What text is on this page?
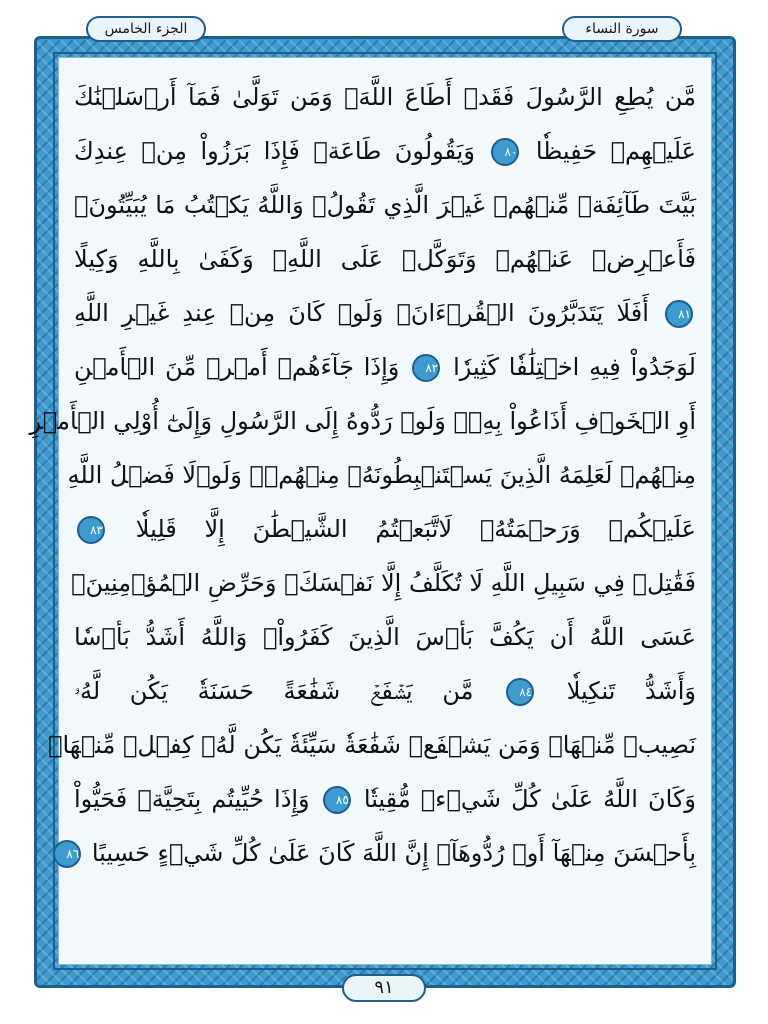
الجزء الخامس	سورة النساء
مَّن يُطِعِ الرَّسُولَ فَقَدۡ أَطَاعَ اللَّهَۖ وَمَن تَوَلَّىٰ فَمَآ أَرۡسَلۡنَٰكَ
عَلَيۡهِمۡ حَفِيظٗا ٨٠ وَيَقُولُونَ طَاعَةٞ فَإِذَا بَرَزُواْ مِنۡ عِندِكَ
بَيَّتَ طَآئِفَةٞ مِّنۡهُمۡ غَيۡرَ الَّذِي تَقُولُۖ وَاللَّهُ يَكۡتُبُ مَا يُبَيِّتُونَۖ
فَأَعۡرِضۡ عَنۡهُمۡ وَتَوَكَّلۡ عَلَى اللَّهِۚ وَكَفَىٰ بِاللَّهِ وَكِيلًا
٨١ أَفَلَا يَتَدَبَّرُونَ الۡقُرۡءَانَۚ وَلَوۡ كَانَ مِنۡ عِندِ غَيۡرِ اللَّهِ
لَوَجَدُواْ فِيهِ اخۡتِلَٰفٗا كَثِيرٗا ٨٢ وَإِذَا جَآءَهُمۡ أَمۡرٞ مِّنَ الۡأَمۡنِ
أَوِ الۡخَوۡفِ أَذَاعُواْ بِهِۦۖ وَلَوۡ رَدُّوهُ إِلَى الرَّسُولِ وَإِلَىٰٓ أُوْلِي الۡأَمۡرِ
مِنۡهُمۡ لَعَلِمَهُ الَّذِينَ يَسۡتَنۢبِطُونَهُۥ مِنۡهُمۡۗ وَلَوۡلَا فَضۡلُ اللَّهِ
عَلَيۡكُمۡ وَرَحۡمَتُهُۥ لَاتَّبَعۡتُمُ الشَّيۡطَٰنَ إِلَّا قَلِيلٗا ٨٣
فَقَٰتِلۡ فِي سَبِيلِ اللَّهِ لَا تُكَلَّفُ إِلَّا نَفۡسَكَۚ وَحَرِّضِ الۡمُؤۡمِنِينَۖ
عَسَى اللَّهُ أَن يَكُفَّ بَأۡسَ الَّذِينَ كَفَرُواْۚ وَاللَّهُ أَشَدُّ بَأۡسٗا
وَأَشَدُّ تَنكِيلٗا ٨٤ مَّن يَشۡفَعۡ شَفَٰعَةً حَسَنَةٗ يَكُن لَّهُۥ
نَصِيبٞ مِّنۡهَاۖ وَمَن يَشۡفَعۡ شَفَٰعَةٗ سَيِّئَةٗ يَكُن لَّهُۥ كِفۡلٞ مِّنۡهَاۗ
وَكَانَ اللَّهُ عَلَىٰ كُلِّ شَيۡءٖ مُّقِيتٗا ٨٥ وَإِذَا حُيِّيتُم بِتَحِيَّةٖ فَحَيُّواْ
بِأَحۡسَنَ مِنۡهَآ أَوۡ رُدُّوهَآۗ إِنَّ اللَّهَ كَانَ عَلَىٰ كُلِّ شَيۡءٍ حَسِيبًا ٨٦
٩١
